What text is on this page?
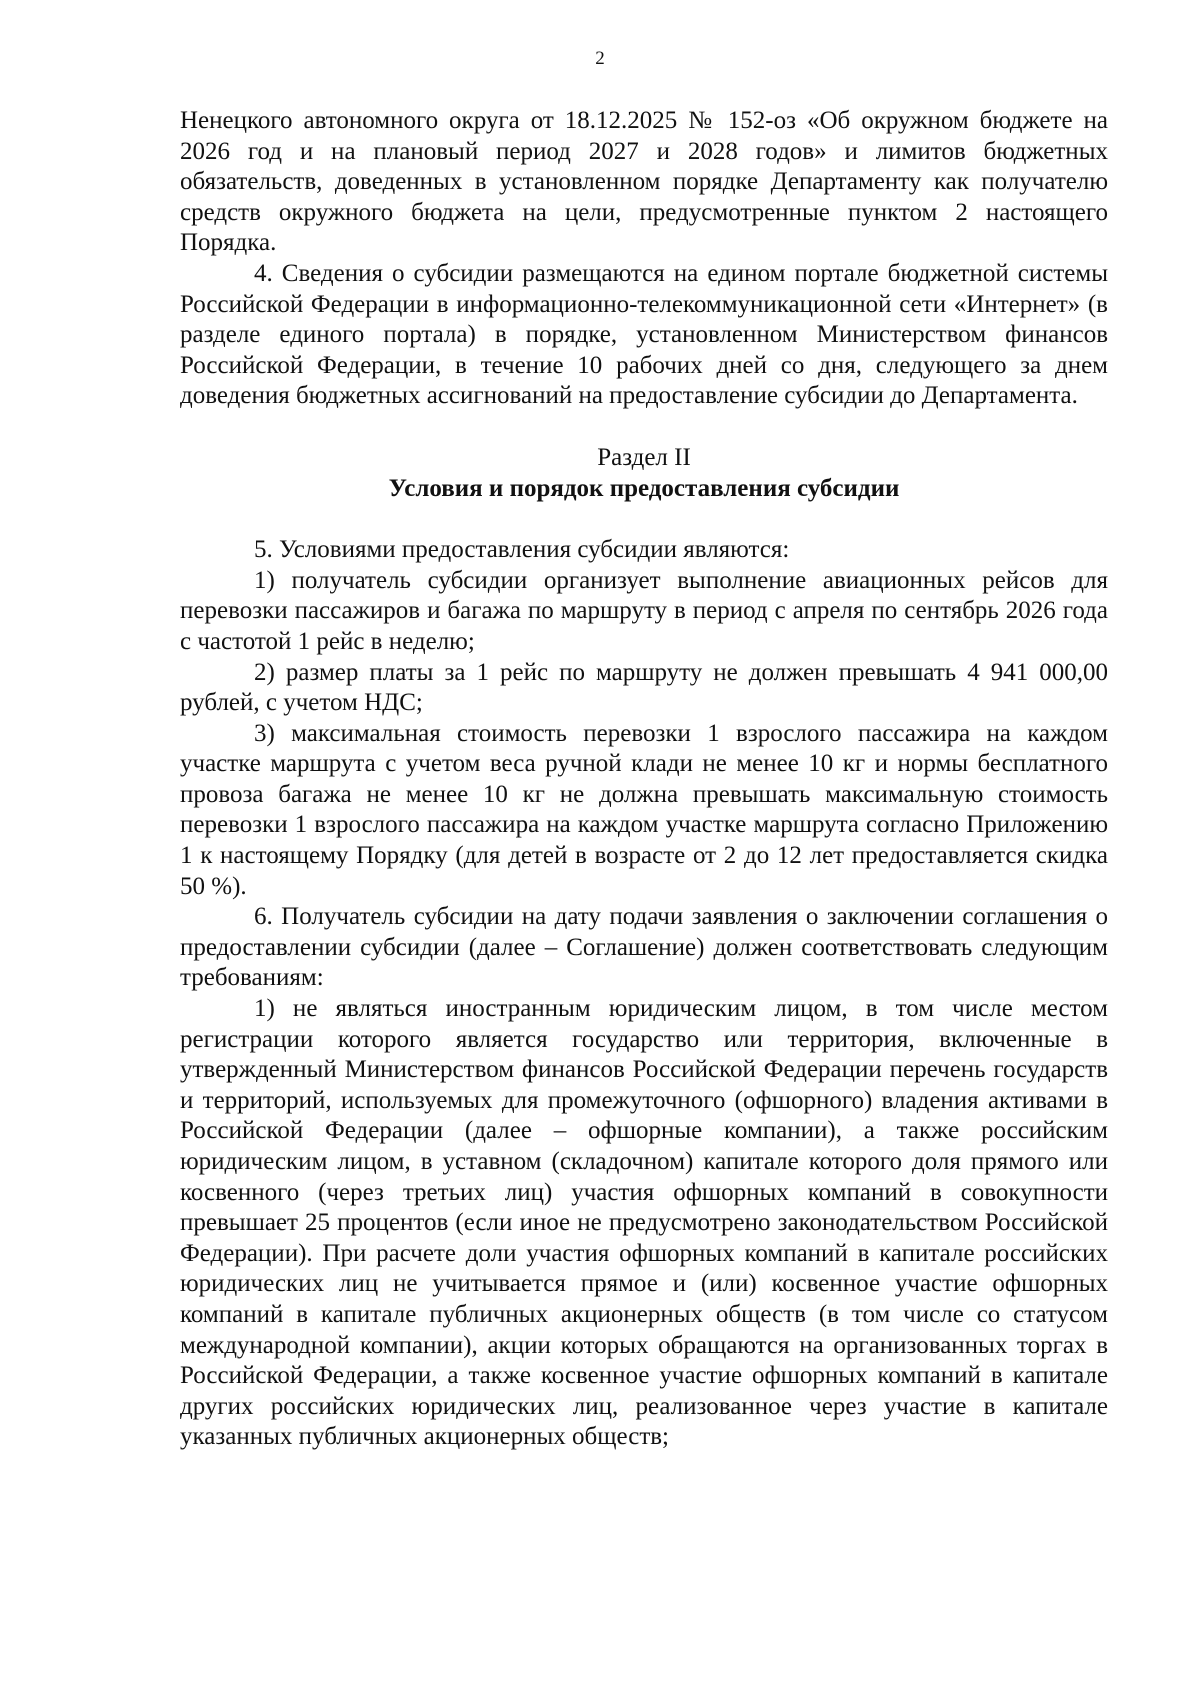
2

Ненецкого автономного округа от 18.12.2025 № 152-оз «Об окружном бюджете на 2026 год и на плановый период 2027 и 2028 годов» и лимитов бюджетных обязательств, доведенных в установленном порядке Департаменту как получателю средств окружного бюджета на цели, предусмотренные пунктом 2 настоящего Порядка.

4. Сведения о субсидии размещаются на едином портале бюджетной системы Российской Федерации в информационно-телекоммуникационной сети «Интернет» (в разделе единого портала) в порядке, установленном Министерством финансов Российской Федерации, в течение 10 рабочих дней со дня, следующего за днем доведения бюджетных ассигнований на предоставление субсидии до Департамента.

Раздел II

Условия и порядок предоставления субсидии

5. Условиями предоставления субсидии являются:

1) получатель субсидии организует выполнение авиационных рейсов для перевозки пассажиров и багажа по маршруту в период с апреля по сентябрь 2026 года с частотой 1 рейс в неделю;

2) размер платы за 1 рейс по маршруту не должен превышать 4 941 000,00 рублей, с учетом НДС;

3) максимальная стоимость перевозки 1 взрослого пассажира на каждом участке маршрута с учетом веса ручной клади не менее 10 кг и нормы бесплатного провоза багажа не менее 10 кг не должна превышать максимальную стоимость перевозки 1 взрослого пассажира на каждом участке маршрута согласно Приложению 1 к настоящему Порядку (для детей в возрасте от 2 до 12 лет предоставляется скидка 50 %).

6. Получатель субсидии на дату подачи заявления о заключении соглашения о предоставлении субсидии (далее – Соглашение) должен соответствовать следующим требованиям:

1) не являться иностранным юридическим лицом, в том числе местом регистрации которого является государство или территория, включенные в утвержденный Министерством финансов Российской Федерации перечень государств и территорий, используемых для промежуточного (офшорного) владения активами в Российской Федерации (далее – офшорные компании), а также российским юридическим лицом, в уставном (складочном) капитале которого доля прямого или косвенного (через третьих лиц) участия офшорных компаний в совокупности превышает 25 процентов (если иное не предусмотрено законодательством Российской Федерации). При расчете доли участия офшорных компаний в капитале российских юридических лиц не учитывается прямое и (или) косвенное участие офшорных компаний в капитале публичных акционерных обществ (в том числе со статусом международной компании), акции которых обращаются на организованных торгах в Российской Федерации, а также косвенное участие офшорных компаний в капитале других российских юридических лиц, реализованное через участие в капитале указанных публичных акционерных обществ;
